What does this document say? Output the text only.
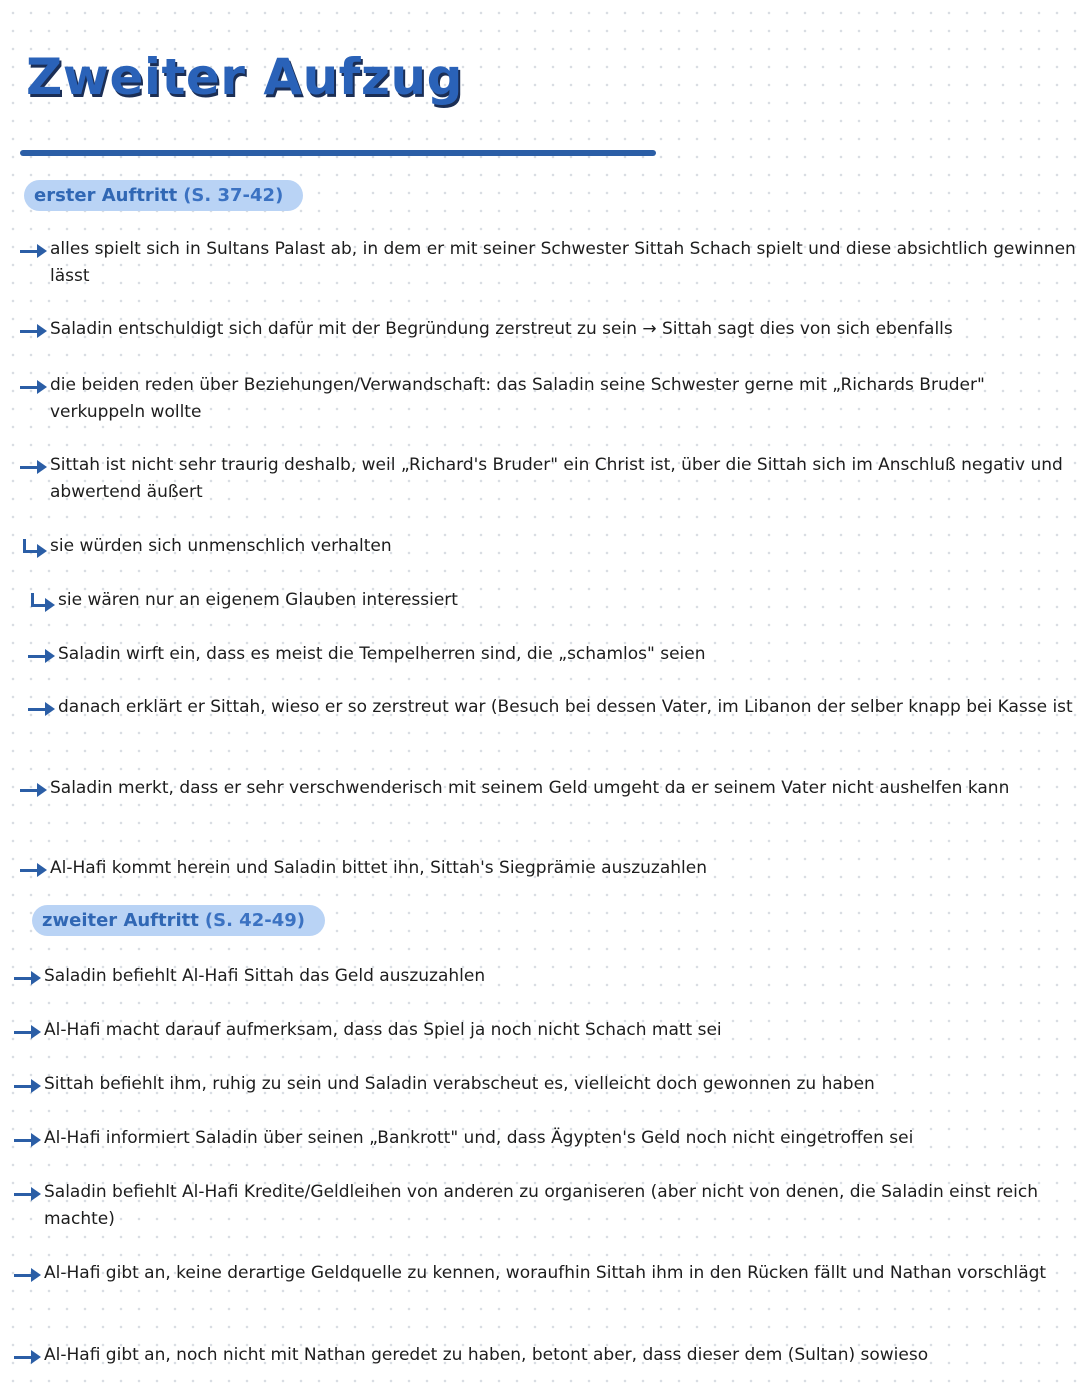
Zweiter Aufzug
erster Auftritt (S. 37-42)
alles spielt sich in Sultans Palast ab, in dem er mit seiner Schwester Sittah Schach spielt und diese absichtlich gewinnen lässt
Saladin entschuldigt sich dafür mit der Begründung zerstreut zu sein → Sittah sagt dies von sich ebenfalls
die beiden reden über Beziehungen/Verwandschaft: das Saladin seine Schwester gerne mit „Richards Bruder" verkuppeln wollte
Sittah ist nicht sehr traurig deshalb, weil „Richard's Bruder" ein Christ ist, über die Sittah sich im Anschluß negativ und abwertend äußert
sie würden sich unmenschlich verhalten
sie wären nur an eigenem Glauben interessiert
Saladin wirft ein, dass es meist die Tempelherren sind, die „schamlos" seien
danach erklärt er Sittah, wieso er so zerstreut war (Besuch bei dessen Vater, im Libanon der selber knapp bei Kasse ist
Saladin merkt, dass er sehr verschwenderisch mit seinem Geld umgeht da er seinem Vater nicht aushelfen kann
Al-Hafi kommt herein und Saladin bittet ihn, Sittah's Siegprämie auszuzahlen
zweiter Auftritt (S. 42-49)
Saladin befiehlt Al-Hafi Sittah das Geld auszuzahlen
Al-Hafi macht darauf aufmerksam, dass das Spiel ja noch nicht Schach matt sei
Sittah befiehlt ihm, ruhig zu sein und Saladin verabscheut es, vielleicht doch gewonnen zu haben
Al-Hafi informiert Saladin über seinen „Bankrott" und, dass Ägypten's Geld noch nicht eingetroffen sei
Saladin befiehlt Al-Hafi Kredite/Geldleihen von anderen zu organiseren (aber nicht von denen, die Saladin einst reich machte)
Al-Hafi gibt an, keine derartige Geldquelle zu kennen, woraufhin Sittah ihm in den Rücken fällt und Nathan vorschlägt
Al-Hafi gibt an, noch nicht mit Nathan geredet zu haben, betont aber, dass dieser dem (Sultan) sowieso
